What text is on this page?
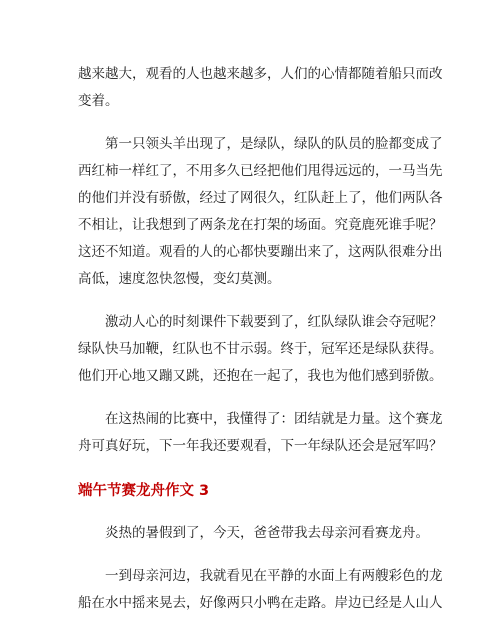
越来越大，观看的人也越来越多，人们的心情都随着船只而改
变着。

第一只领头羊出现了，是绿队，绿队的队员的脸都变成了
西红柿一样红了，不用多久已经把他们甩得远远的，一马当先
的他们并没有骄傲，经过了网很久，红队赶上了，他们两队各
不相让，让我想到了两条龙在打架的场面。究竟鹿死谁手呢？
这还不知道。观看的人的心都快要蹦出来了，这两队很难分出
高低，速度忽快忽慢，变幻莫测。

激动人心的时刻课件下载要到了，红队绿队谁会夺冠呢？
绿队快马加鞭，红队也不甘示弱。终于，冠军还是绿队获得。
他们开心地又蹦又跳，还抱在一起了，我也为他们感到骄傲。

在这热闹的比赛中，我懂得了：团结就是力量。这个赛龙
舟可真好玩，下一年我还要观看，下一年绿队还会是冠军吗？

端午节赛龙舟作文 3

炎热的暑假到了，今天，爸爸带我去母亲河看赛龙舟。

一到母亲河边，我就看见在平静的水面上有两艘彩色的龙
船在水中摇来晃去，好像两只小鸭在走路。岸边已经是人山人
